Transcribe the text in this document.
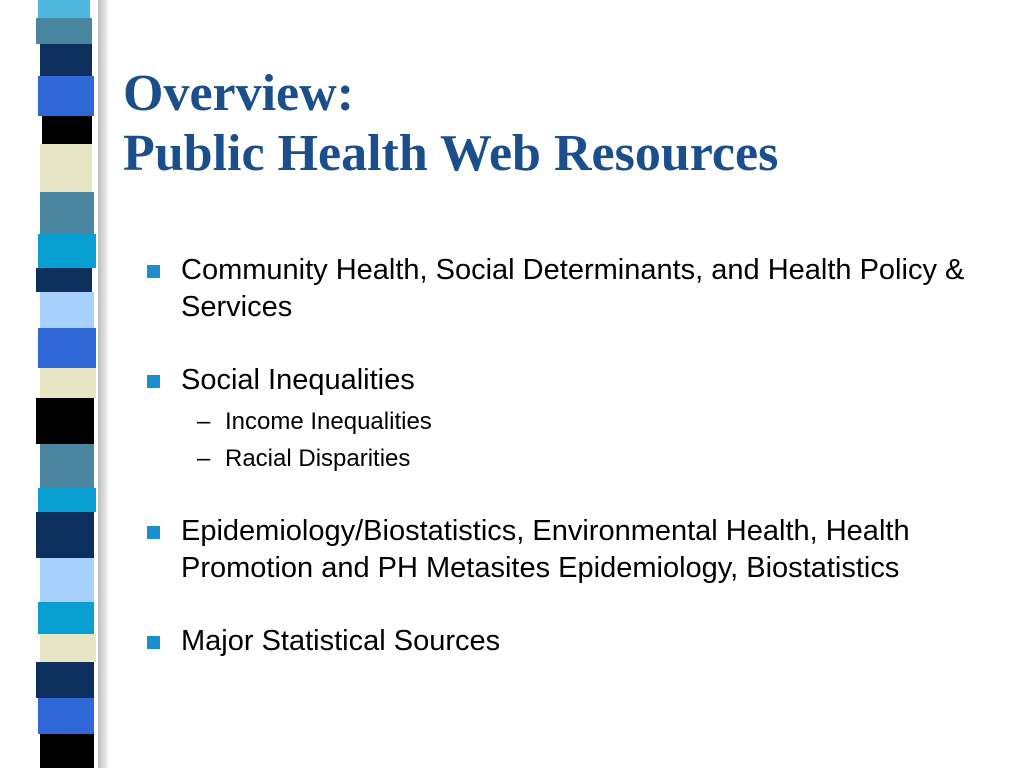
Overview:
Public Health Web Resources
Community Health, Social Determinants, and Health Policy & Services
Social Inequalities
– Income Inequalities
– Racial Disparities
Epidemiology/Biostatistics, Environmental Health, Health Promotion and PH Metasites Epidemiology, Biostatistics
Major Statistical Sources
